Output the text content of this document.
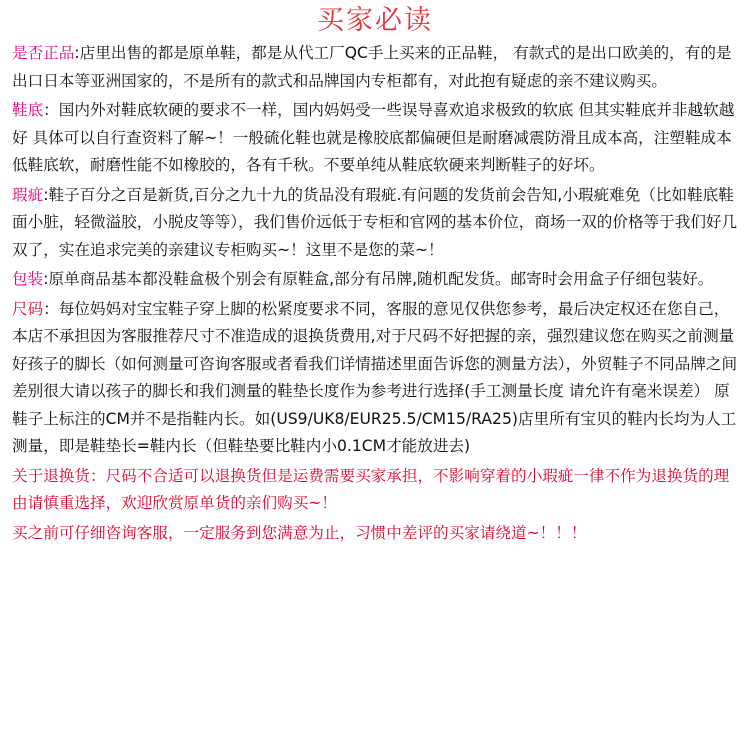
买家必读
是否正品:店里出售的都是原单鞋，都是从代工厂QC手上买来的正品鞋， 有款式的是出口欧美的，有的是出口日本等亚洲国家的，不是所有的款式和品牌国内专柜都有，对此抱有疑虑的亲不建议购买。
鞋底：国内外对鞋底软硬的要求不一样，国内妈妈受一些误导喜欢追求极致的软底 但其实鞋底并非越软越好 具体可以自行查资料了解~！一般硫化鞋也就是橡胶底都偏硬但是耐磨减震防滑且成本高，注塑鞋成本低鞋底软，耐磨性能不如橡胶的，各有千秋。不要单纯从鞋底软硬来判断鞋子的好坏。
瑕疵:鞋子百分之百是新货,百分之九十九的货品没有瑕疵.有问题的发货前会告知,小瑕疵难免（比如鞋底鞋面小脏，轻微溢胶，小脱皮等等），我们售价远低于专柜和官网的基本价位，商场一双的价格等于我们好几双了，实在追求完美的亲建议专柜购买~！这里不是您的菜~！
包装:原单商品基本都没鞋盒极个别会有原鞋盒,部分有吊牌,随机配发货。邮寄时会用盒子仔细包装好。
尺码：每位妈妈对宝宝鞋子穿上脚的松紧度要求不同，客服的意见仅供您参考，最后决定权还在您自己，本店不承担因为客服推荐尺寸不准造成的退换货费用,对于尺码不好把握的亲，强烈建议您在购买之前测量好孩子的脚长（如何测量可咨询客服或者看我们详情描述里面告诉您的测量方法），外贸鞋子不同品牌之间差别很大请以孩子的脚长和我们测量的鞋垫长度作为参考进行选择(手工测量长度 请允许有毫米误差） 原鞋子上标注的CM并不是指鞋内长。如(US9/UK8/EUR25.5/CM15/RA25)店里所有宝贝的鞋内长均为人工测量，即是鞋垫长=鞋内长（但鞋垫要比鞋内小0.1CM才能放进去)
关于退换货：尺码不合适可以退换货但是运费需要买家承担，不影响穿着的小瑕疵一律不作为退换货的理由请慎重选择，欢迎欣赏原单货的亲们购买~！
买之前可仔细咨询客服，一定服务到您满意为止，习惯中差评的买家请绕道~！！！
